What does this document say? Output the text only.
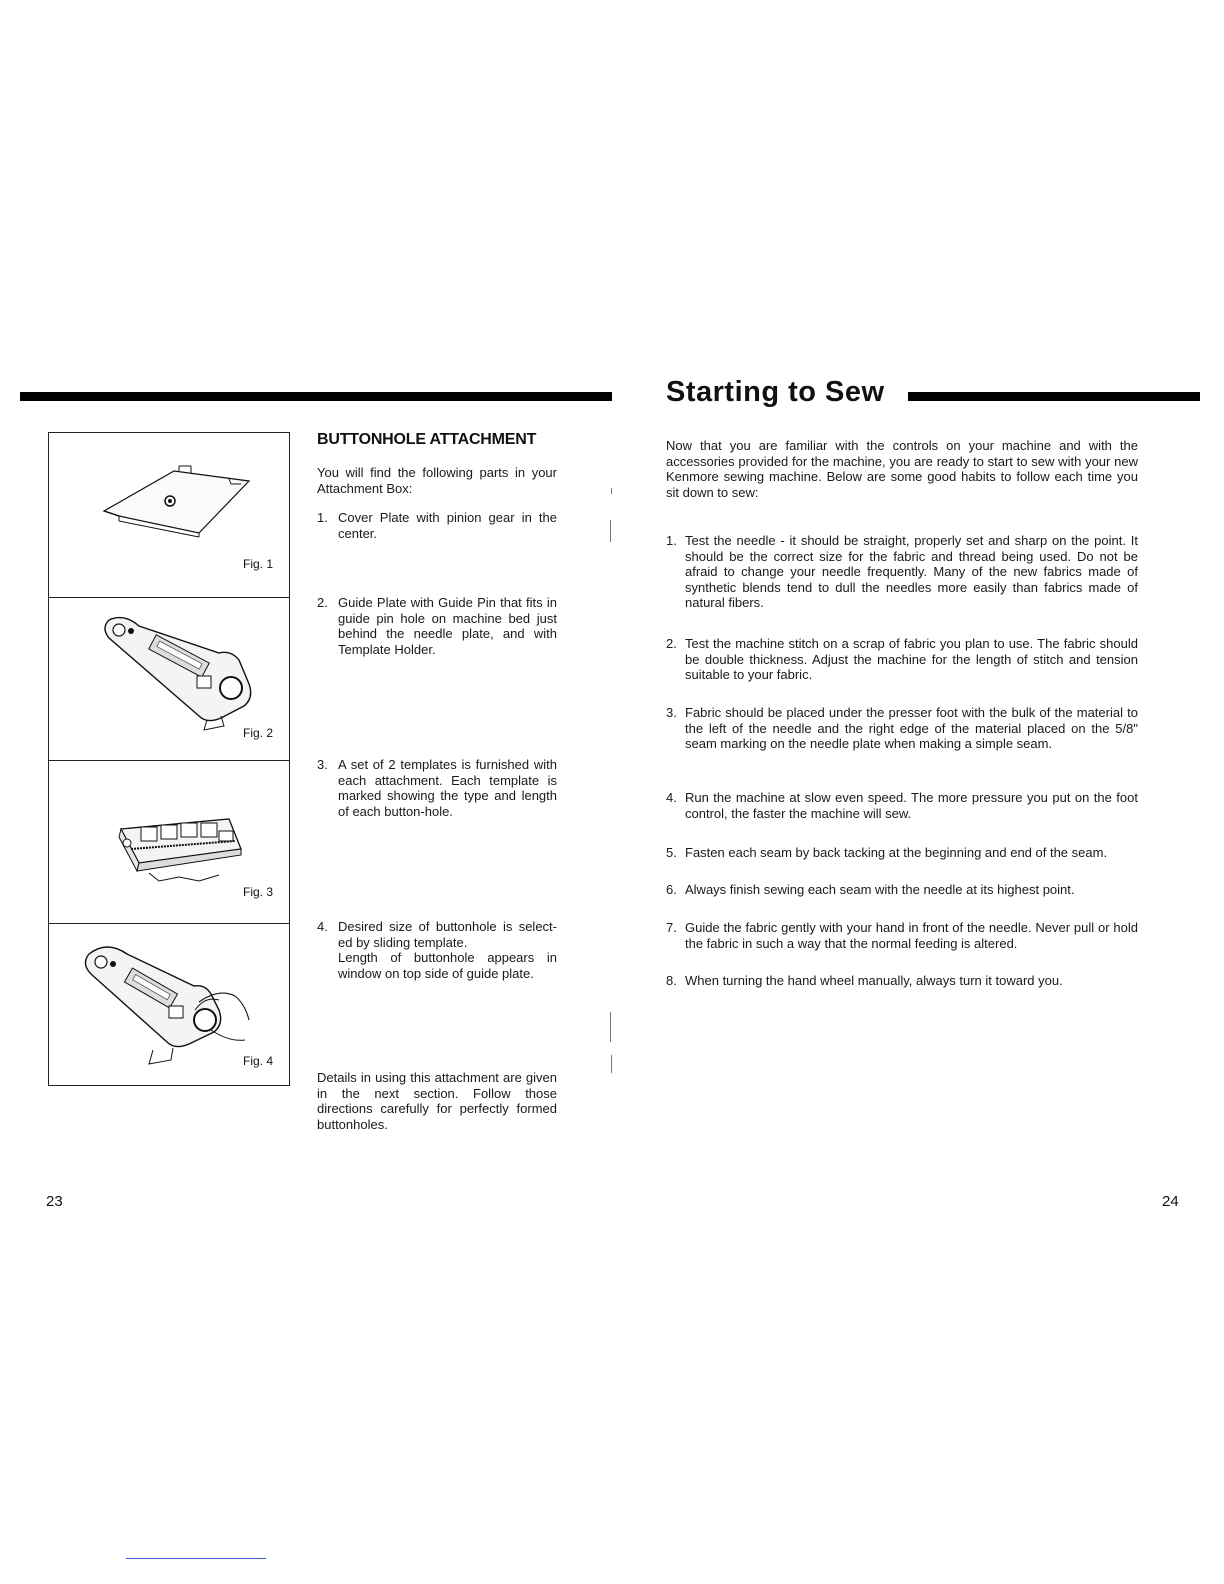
Starting to Sew
Fig. 1
Fig. 2
Fig. 3
Fig. 4
BUTTONHOLE ATTACHMENT
You will find the following parts in your Attachment Box:
1. Cover Plate with pinion gear in the center.
2. Guide Plate with Guide Pin that fits in guide pin hole on machine bed just behind the needle plate, and with Template Holder.
3. A set of 2 templates is furnished with each attachment. Each template is marked showing the type and length of each button-hole.
4. Desired size of buttonhole is select-ed by sliding template.
Length of buttonhole appears in window on top side of guide plate.
Details in using this attachment are given in the next section. Follow those directions carefully for perfectly formed buttonholes.
Now that you are familiar with the controls on your machine and with the accessories provided for the machine, you are ready to start to sew with your new Kenmore sewing machine. Below are some good habits to follow each time you sit down to sew:
1. Test the needle - it should be straight, properly set and sharp on the point. It should be the correct size for the fabric and thread being used. Do not be afraid to change your needle frequently. Many of the new fabrics made of synthetic blends tend to dull the needles more easily than fabrics made of natural fibers.
2. Test the machine stitch on a scrap of fabric you plan to use. The fabric should be double thickness. Adjust the machine for the length of stitch and tension suitable to your fabric.
3. Fabric should be placed under the presser foot with the bulk of the material to the left of the needle and the right edge of the material placed on the 5/8" seam marking on the needle plate when making a simple seam.
4. Run the machine at slow even speed. The more pressure you put on the foot control, the faster the machine will sew.
5. Fasten each seam by back tacking at the beginning and end of the seam.
6. Always finish sewing each seam with the needle at its highest point.
7. Guide the fabric gently with your hand in front of the needle. Never pull or hold the fabric in such a way that the normal feeding is altered.
8. When turning the hand wheel manually, always turn it toward you.
23	24
